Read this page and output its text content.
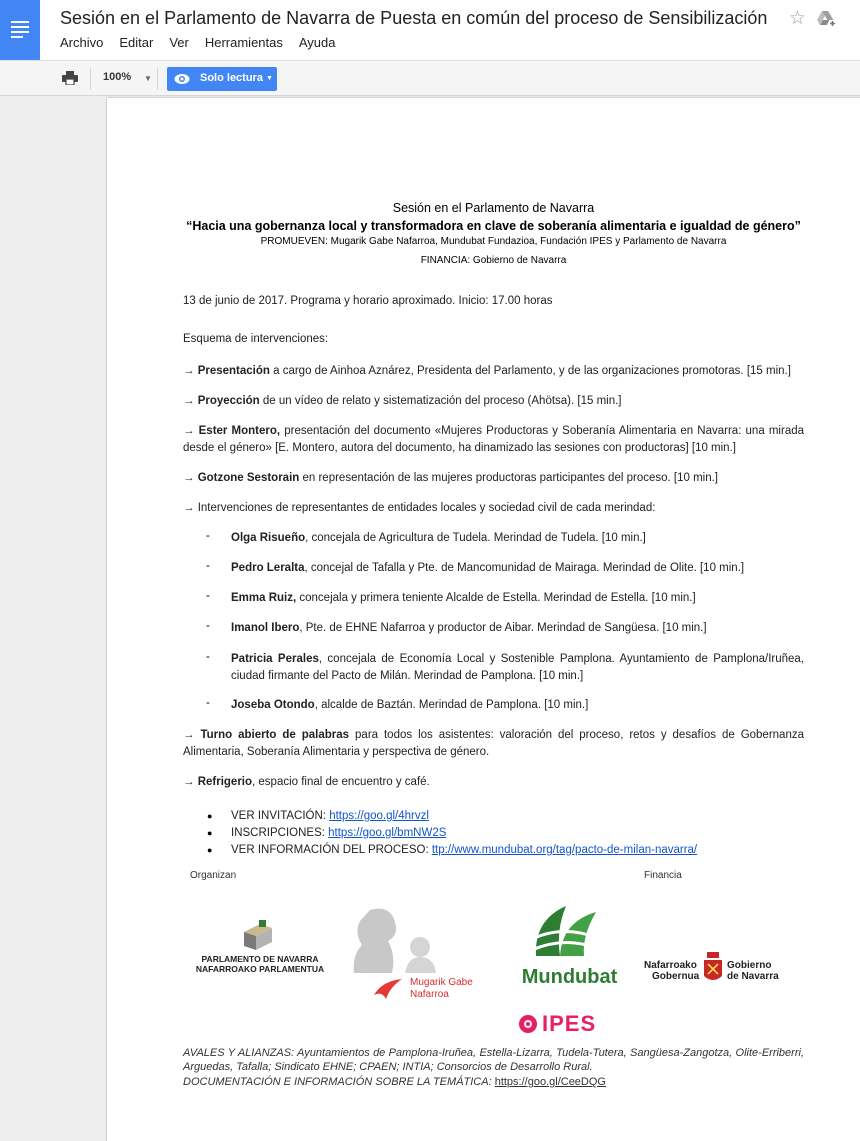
Sesión en el Parlamento de Navarra de Puesta en común del proceso de Sensibilización ☆
Archivo Editar Ver Herramientas Ayuda
100% ▼	Solo lectura ▼
Sesión en el Parlamento de Navarra
“Hacia una gobernanza local y transformadora en clave de soberanía alimentaria e igualdad de género”
PROMUEVEN: Mugarik Gabe Nafarroa, Mundubat Fundazioa, Fundación IPES y Parlamento de Navarra
FINANCIA: Gobierno de Navarra
13 de junio de 2017. Programa y horario aproximado. Inicio: 17.00 horas
Esquema de intervenciones:
→ Presentación a cargo de Ainhoa Aznárez, Presidenta del Parlamento, y de las organizaciones promotoras. [15 min.]
→ Proyección de un vídeo de relato y sistematización del proceso (Ahötsa). [15 min.]
→ Ester Montero, presentación del documento «Mujeres Productoras y Soberanía Alimentaria en Navarra: una mirada desde el género» [E. Montero, autora del documento, ha dinamizado las sesiones con productoras] [10 min.]
→ Gotzone Sestorain en representación de las mujeres productoras participantes del proceso. [10 min.]
→ Intervenciones de representantes de entidades locales y sociedad civil de cada merindad:
- Olga Risueño, concejala de Agricultura de Tudela. Merindad de Tudela. [10 min.]
- Pedro Leralta, concejal de Tafalla y Pte. de Mancomunidad de Mairaga. Merindad de Olite. [10 min.]
- Emma Ruiz, concejala y primera teniente Alcalde de Estella. Merindad de Estella. [10 min.]
- Imanol Ibero, Pte. de EHNE Nafarroa y productor de Aibar. Merindad de Sangüesa. [10 min.]
- Patricia Perales, concejala de Economía Local y Sostenible Pamplona. Ayuntamiento de Pamplona/Iruñea, ciudad firmante del Pacto de Milán. Merindad de Pamplona. [10 min.]
- Joseba Otondo, alcalde de Baztán. Merindad de Pamplona. [10 min.]
→ Turno abierto de palabras para todos los asistentes: valoración del proceso, retos y desafíos de Gobernanza Alimentaria, Soberanía Alimentaria y perspectiva de género.
→ Refrigerio, espacio final de encuentro y café.
● VER INVITACIÓN: https://goo.gl/4hrvzl
● INSCRIPCIONES: https://goo.gl/bmNW2S
● VER INFORMACIÓN DEL PROCESO: ttp://www.mundubat.org/tag/pacto-de-milan-navarra/
Organizan	Financia
PARLAMENTO DE NAVARRA
NAFARROAKO PARLAMENTUA
Mugarik Gabe
Nafarroa
Mundubat
IPES
Nafarroako
Gobernua
Gobierno
de Navarra
AVALES Y ALIANZAS: Ayuntamientos de Pamplona-Iruñea, Estella-Lizarra, Tudela-Tutera, Sangüesa-Zangotza, Olite-Erriberri, Arguedas, Tafalla; Sindicato EHNE; CPAEN; INTIA; Consorcios de Desarrollo Rural.
DOCUMENTACIÓN E INFORMACIÓN SOBRE LA TEMÁTICA: https://goo.gl/CeeDQG
